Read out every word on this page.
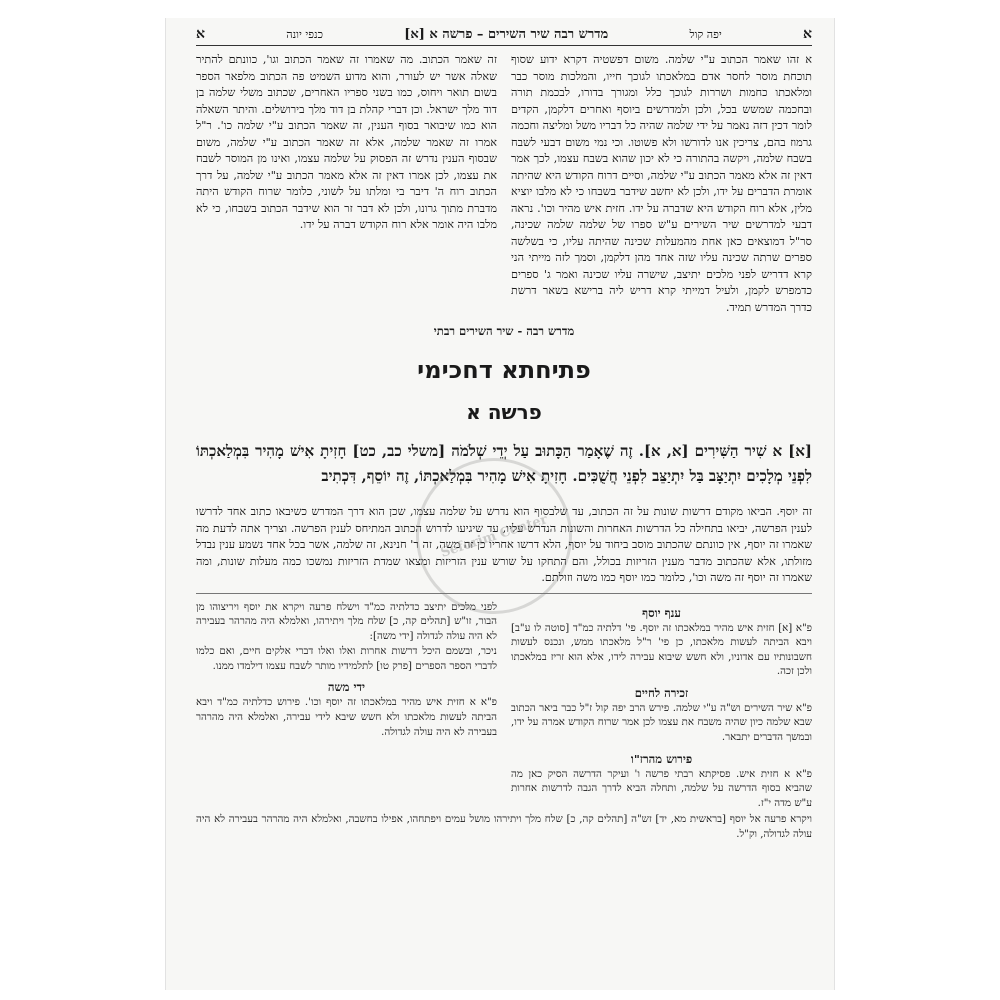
א
יפה קול
מדרש רבה שיר השירים – פרשה א [א]
כנפי יונה
א

א זהו שאמר הכתוב ע"י שלמה. משום דפשטיה דקרא ידוע שסוף תוכחת מוסר לחסר אדם במלאכתו לגוכך חייו, והמלכות מוסר כבר ומלאכתו כחמות ושררות לגוכך כלל ומגורך בדורו, לבכמת תורה ובחכמה שמשש בכל, ולכן ולמדרשים ביוסף ואחרים דלקמן, הקדים לומר דכין דזה נאמר על ידי שלמה שהיה כל דבריו משל ומליצה וחכמה גרמוז בהם, צריכין אנו לדורשו ולא פשוטו. וכי נמי משום דבעי לשבח בשבח שלמה, ויקשה בהתורה כי לא יכון שהוא בשבח עצמו, לכך אמר דאין זה אלא מאמר הכתוב ע"י שלמה, וסיים דרוח הקודש היא שהיתה אומרת הדברים על ידו, ולכן לא יחשב שידבר בשבחו כי לא מלבו יוציא מלין, אלא רוח הקודש היא שדברה על ידו. חזית איש מהיר וכו'. נראה דבעי למדרשים שיר השירים ע"ש ספרו של שלמה שלמה שכינה, סר"ל דמוצאים כאן אחת מהמעלות שכינה שהיתה עליו, כי בשלשה ספרים שרתה שכינה עליו שזה אחד מהן דלקמן, וסמך לזה מייתי הני קרא דדריש לפני מלכים יתיצב, שישרה עליו שכינה ואמר ג' ספרים כדמפרש לקמן, ולעיל דמייתי קרא דריש ליה ברישא בשאר דרשת כדרך המדרש תמיד.

זה שאמר הכתוב. מה שאמרו זה שאמר הכתוב וגו', כוונתם להתיר שאלה אשר יש לעורר, והוא מדוע השמיט פה הכתוב מלפאר הספר בשום תואר ויחוס, כמו בשני ספריו האחרים, שכתוב משלי שלמה בן דוד מלך ישראל. וכן דברי קהלת בן דוד מלך בירושלים. והיתר השאלה הוא כמו שיבואר בסוף הענין, זה שאמר הכתוב ע"י שלמה כו'. ר"ל אמרו זה שאמר שלמה, אלא זה שאמר הכתוב ע"י שלמה, משום שבסוף הענין נדרש זה הפסוק על שלמה עצמו, ואינו מן המוסר לשבח את עצמו, לכן אמרו דאין זה אלא מאמר הכתוב ע"י שלמה, על דרך הכתוב רוח ה' דיבר בי ומלתו על לשוני, כלומר שרוח הקודש היתה מדברת מתוך גרונו, ולכן לא דבר זר הוא שידבר הכתוב בשבחו, כי לא מלבו היה אומר אלא רוח הקודש דברה על ידו.

מדרש רבה - שיר השירים רבתי
פתיחתא דחכימי
פרשה א

[א] א שִׁיר הַשִּׁירִים [א, א]. זֶה שֶׁאָמַר הַכָּתוּב עַל יְדֵי שְׁלֹמֹה [משלי כב, כט] חָזִיתָ אִישׁ מָהִיר בִּמְלַאכְתּוֹ לִפְנֵי מְלָכִים יִתְיַצָּב בַּל יִתְיַצֵּב לִפְנֵי חֲשֻׁכִּים. חָזִיתָ אִישׁ מָהִיר בִּמְלַאכְתּוֹ, זֶה יוֹסֵף, דִּכְתִיב

זה יוסף. הביאו מקודם דרשות שונות על זה הכתוב, עד שלבסוף הוא נדרש על שלמה עצמו, שכן הוא דרך המדרש כשיבאו כתוב אחד לדרשו לענין הפרשה, יביאו בתחילה כל הדרשות האחרות והשונות הנדרש עליו, עד שיגיעו לדרוש הכתוב המתיחס לענין הפרשה. וצריך אתה לדעת מה שאמרו זה יוסף, אין כוונתם שהכתוב מוסב ביחוד על יוסף, הלא דרשו אחריו כן זה משה, זה ר' חנינא, זה שלמה, אשר בכל אחד נשמע ענין נבדל מזולתו, אלא שהכתוב מדבר מענין הזריזות בכולל, והם התחקו על שורש ענין הזריזות ומצאו שמדת הזריזות נמשכו כמה מעלות שונות, ומה שאמרו זה יוסף זה משה וכו', כלומר כמו יוסף כמו משה וזולתם.

ענף יוסף

פ"א [א] חזית איש מהיר במלאכתו זה יוסף. פי' דלתיה כמ"ד [סוטה לו ע"ב] ויבא הביתה לעשות מלאכתו, כן פי' ר"ל מלאכתו ממש, ונכנס לעשות חשבונותיו עם אדוניו, ולא חשש שיבוא עבירה לידו, אלא הוא זריז במלאכתו ולכן זכה.

זכירה לחיים

פ"א שיר השירים וש"ה ע"י שלמה. פירש הרב יפה קול ז"ל כבר ביאר הכתוב שבא שלמה כיון שהיה משבח את עצמו לכן אמר שרוח הקודש אמרה על ידו, ובמשך הדברים יתבאר.

פירוש מהרז"ו

פ"א א חזית איש. פסיקתא רבתי פרשה ו' ועיקר הדרשה הסיק כאן מה שהביא בסוף הדרשה על שלמה, ותחלה הביא לדרך הגבה לדרשות אחרות ע"ש מדה י"ז.

לפני מלכים יתיצב כדלתיה כמ"ד וישלח פרעה ויקרא את יוסף ויריצוהו מן הבור, זו"ש [תהלים קה, כ] שלח מלך ויתירהו, ואלמלא היה מהרהר בעבירה לא היה עולה לגדולה [ידי משה]:

ניכר, ובשמם היכל דרשות אחרות ואלו ואלו דברי אלקים חיים, ואם כלמו לדברי הספר הספרים [פרק טו] לתלמידיו מותר לשבח עצמו דילמדו ממנו.

ידי משה

פ"א א חזית איש מהיר במלאכתו זה יוסף וכו'. פירוש כדלתיה כמ"ד ויבא הביתה לעשות מלאכתו ולא חשש שיבא לידי עבירה, ואלמלא היה מהרהר בעבירה לא היה עולה לגדולה.

ויקרא פרעה אל יוסף [בראשית מא, יד] זש"ה [תהלים קה, כ] שלח מלך ויתירהו מושל עמים ויפתחהו, אפילו בחשבה, ואלמלא היה מהרהר בעבירה לא היה עולה לגדולה, וק"ל.

Seforim Center
